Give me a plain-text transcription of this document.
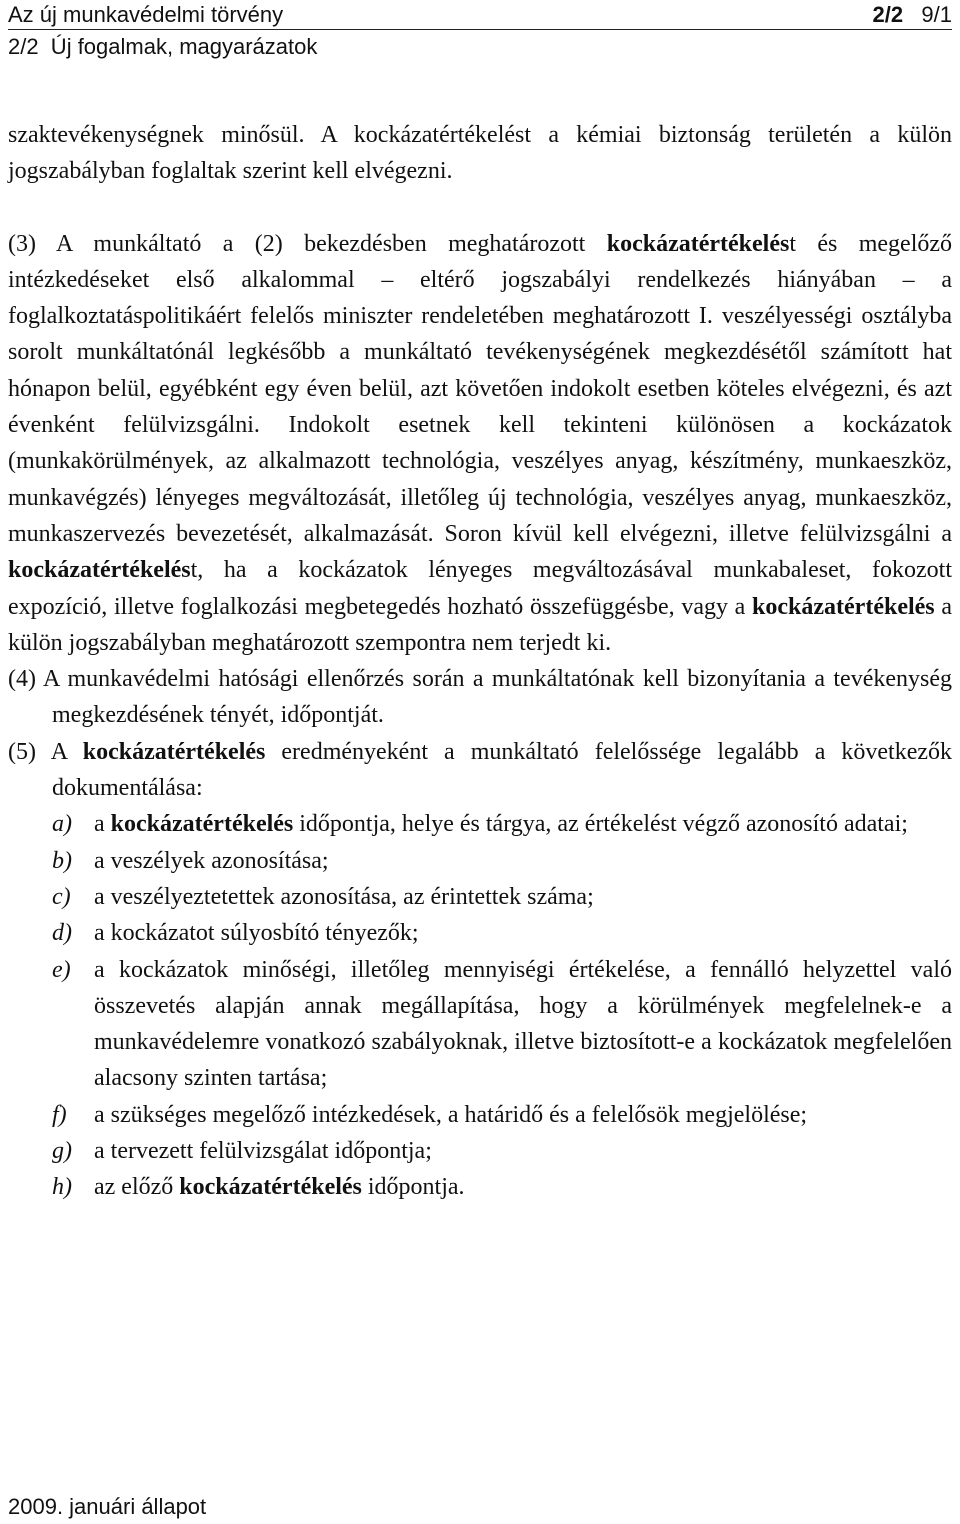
Az új munkavédelmi törvény	2/2 9/1
2/2  Új fogalmak, magyarázatok

szaktevékenységnek minősül. A kockázatértékelést a kémiai biztonság területén a külön jogszabályban foglaltak szerint kell elvégezni.

(3) A munkáltató a (2) bekezdésben meghatározott kockázatértékelést és megelőző intézkedéseket első alkalommal – eltérő jogszabályi rendelkezés hiányában – a foglalkoztatáspolitikáért felelős miniszter rendeletében meghatározott I. veszélyességi osztályba sorolt munkáltatónál legkésőbb a munkáltató tevékenységének megkezdésétől számított hat hónapon belül, egyébként egy éven belül, azt követően indokolt esetben köteles elvégezni, és azt évenként felülvizsgálni. Indokolt esetnek kell tekinteni különösen a kockázatok (munkakörülmények, az alkalmazott technológia, veszélyes anyag, készítmény, munkaeszköz, munkavégzés) lényeges megváltozását, illetőleg új technológia, veszélyes anyag, munkaeszköz, munkaszervezés bevezetését, alkalmazását. Soron kívül kell elvégezni, illetve felülvizsgálni a kockázatértékelést, ha a kockázatok lényeges megváltozásával munkabaleset, fokozott expozíció, illetve foglalkozási megbetegedés hozható összefüggésbe, vagy a kockázatértékelés a külön jogszabályban meghatározott szempontra nem terjedt ki.

(4) A munkavédelmi hatósági ellenőrzés során a munkáltatónak kell bizonyítania a tevékenység megkezdésének tényét, időpontját.

(5) A kockázatértékelés eredményeként a munkáltató felelőssége legalább a következők dokumentálása:

a) a kockázatértékelés időpontja, helye és tárgya, az értékelést végző azonosító adatai;

b) a veszélyek azonosítása;

c) a veszélyeztetettek azonosítása, az érintettek száma;

d) a kockázatot súlyosbító tényezők;

e) a kockázatok minőségi, illetőleg mennyiségi értékelése, a fennálló helyzettel való összevetés alapján annak megállapítása, hogy a körülmények megfelelnek-e a munkavédelemre vonatkozó szabályoknak, illetve biztosított-e a kockázatok megfelelően alacsony szinten tartása;

f) a szükséges megelőző intézkedések, a határidő és a felelősök megjelölése;

g) a tervezett felülvizsgálat időpontja;

h) az előző kockázatértékelés időpontja.

2009. januári állapot
